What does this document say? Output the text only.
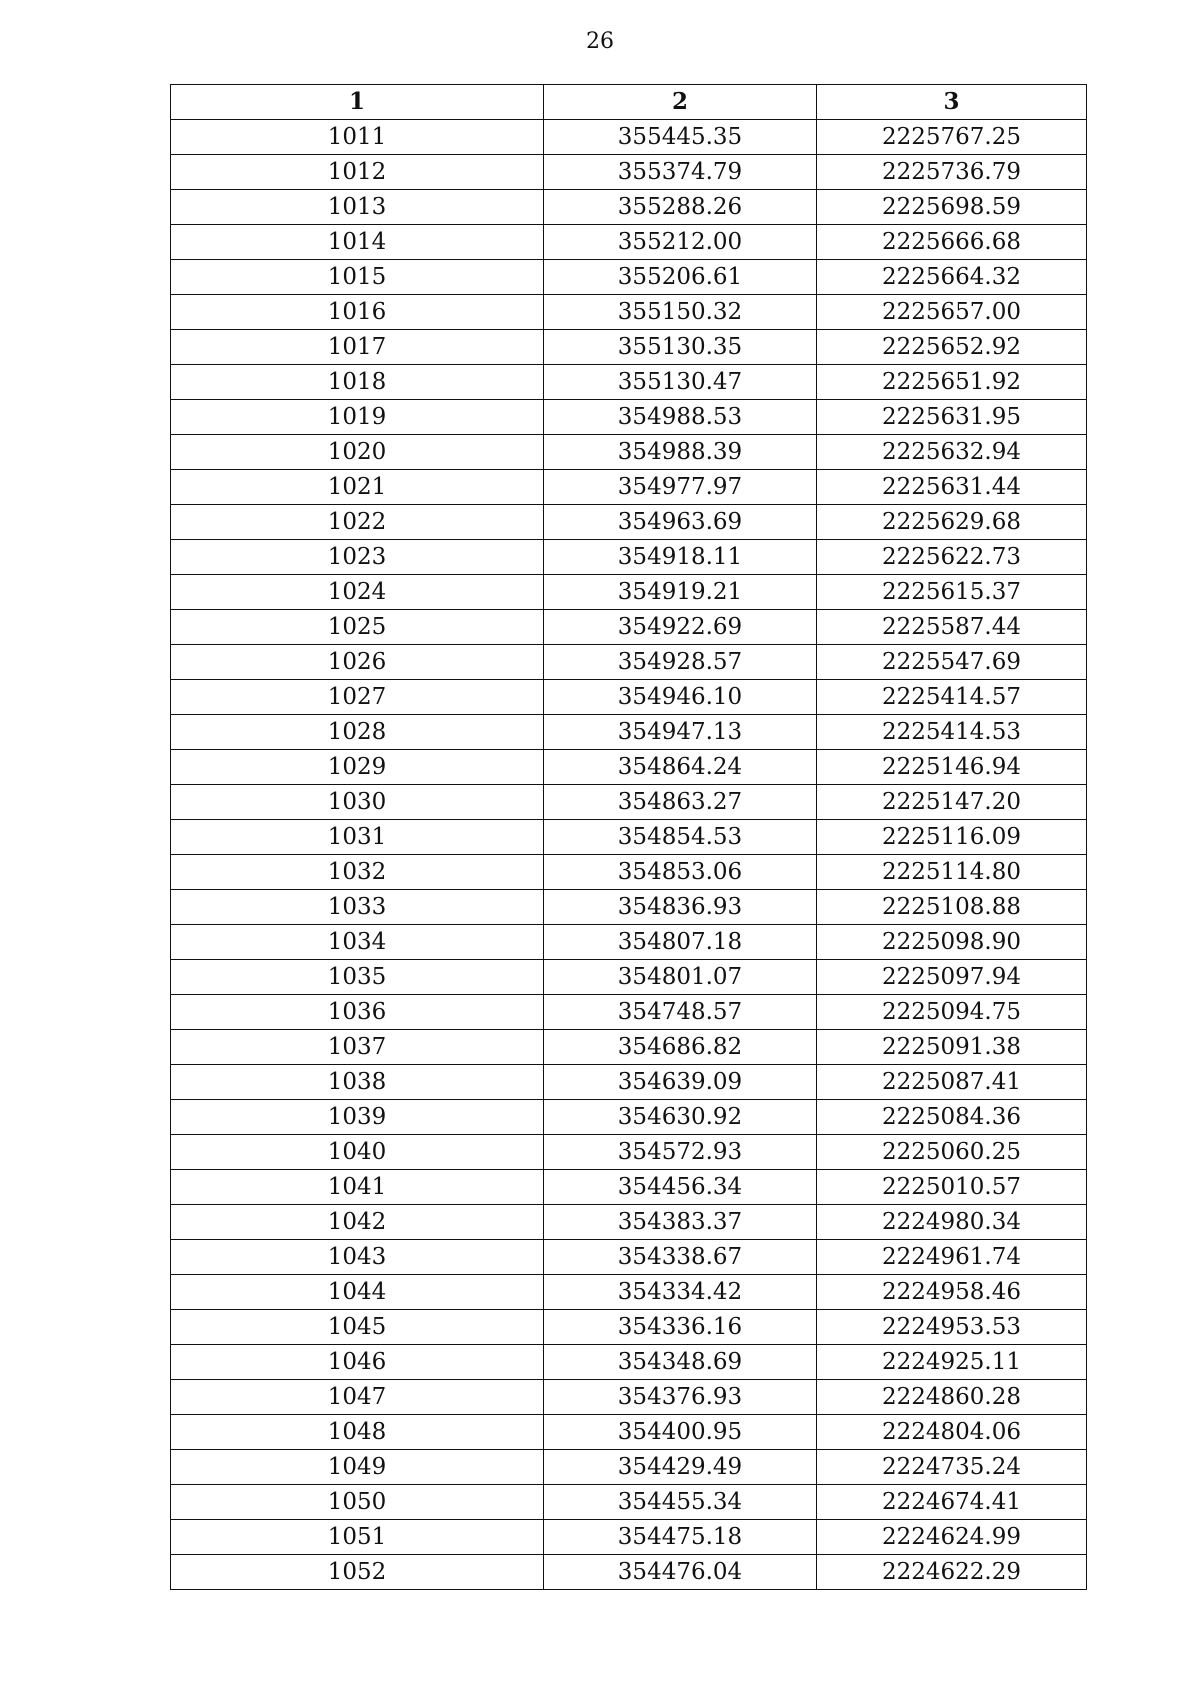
26
1	2	3
1011	355445.35	2225767.25
1012	355374.79	2225736.79
1013	355288.26	2225698.59
1014	355212.00	2225666.68
1015	355206.61	2225664.32
1016	355150.32	2225657.00
1017	355130.35	2225652.92
1018	355130.47	2225651.92
1019	354988.53	2225631.95
1020	354988.39	2225632.94
1021	354977.97	2225631.44
1022	354963.69	2225629.68
1023	354918.11	2225622.73
1024	354919.21	2225615.37
1025	354922.69	2225587.44
1026	354928.57	2225547.69
1027	354946.10	2225414.57
1028	354947.13	2225414.53
1029	354864.24	2225146.94
1030	354863.27	2225147.20
1031	354854.53	2225116.09
1032	354853.06	2225114.80
1033	354836.93	2225108.88
1034	354807.18	2225098.90
1035	354801.07	2225097.94
1036	354748.57	2225094.75
1037	354686.82	2225091.38
1038	354639.09	2225087.41
1039	354630.92	2225084.36
1040	354572.93	2225060.25
1041	354456.34	2225010.57
1042	354383.37	2224980.34
1043	354338.67	2224961.74
1044	354334.42	2224958.46
1045	354336.16	2224953.53
1046	354348.69	2224925.11
1047	354376.93	2224860.28
1048	354400.95	2224804.06
1049	354429.49	2224735.24
1050	354455.34	2224674.41
1051	354475.18	2224624.99
1052	354476.04	2224622.29
